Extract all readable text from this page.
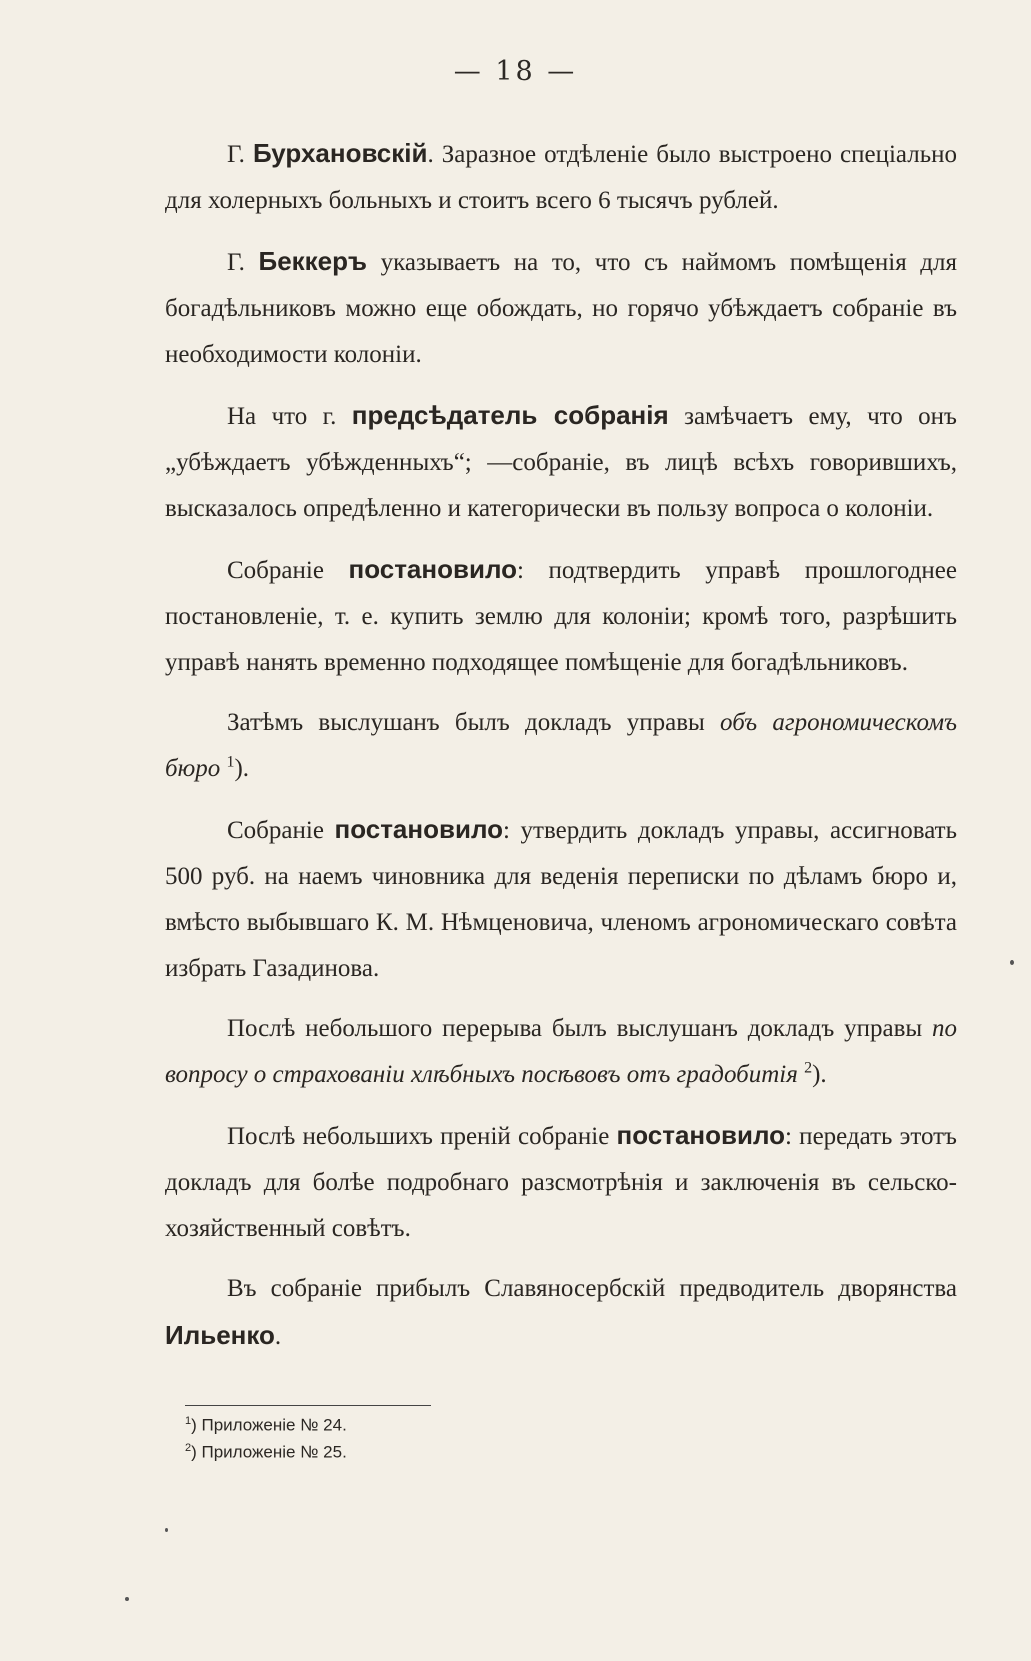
— 18 —

Г. Бурхановскій. Заразное отдѣленіе было выстроено спеціально для холерныхъ больныхъ и стоитъ всего 6 тысячъ рублей.

Г. Беккеръ указываетъ на то, что съ наймомъ помѣщенія для богадѣльниковъ можно еще обождать, но горячо убѣждаетъ собраніе въ необходимости колоніи.

На что г. предсѣдатель собранія замѣчаетъ ему, что онъ „убѣждаетъ убѣжденныхъ“; —собраніе, въ лицѣ всѣхъ говорившихъ, высказалось опредѣленно и категорически въ пользу вопроса о колоніи.

Собраніе постановило: подтвердить управѣ прошлогоднее постановленіе, т. е. купить землю для колоніи; кромѣ того, разрѣшить управѣ нанять временно подходящее помѣщеніе для богадѣльниковъ.

Затѣмъ выслушанъ былъ докладъ управы объ агрономическомъ бюро $^1$).

Собраніе постановило: утвердить докладъ управы, ассигновать 500 руб. на наемъ чиновника для веденія переписки по дѣламъ бюро и, вмѣсто выбывшаго К. М. Нѣмценовича, членомъ агрономическаго совѣта избрать Газадинова.

Послѣ небольшого перерыва былъ выслушанъ докладъ управы по вопросу о страхованіи хлѣбныхъ посѣвовъ отъ градобитія $^2$).

Послѣ небольшихъ преній собраніе постановило: передать этотъ докладъ для болѣе подробнаго разсмотрѣнія и заключенія въ сельско-хозяйственный совѣтъ.

Въ собраніе прибылъ Славяносербскій предводитель дворянства Ильенко.

$^1$) Приложеніе № 24.
$^2$) Приложеніе № 25.
